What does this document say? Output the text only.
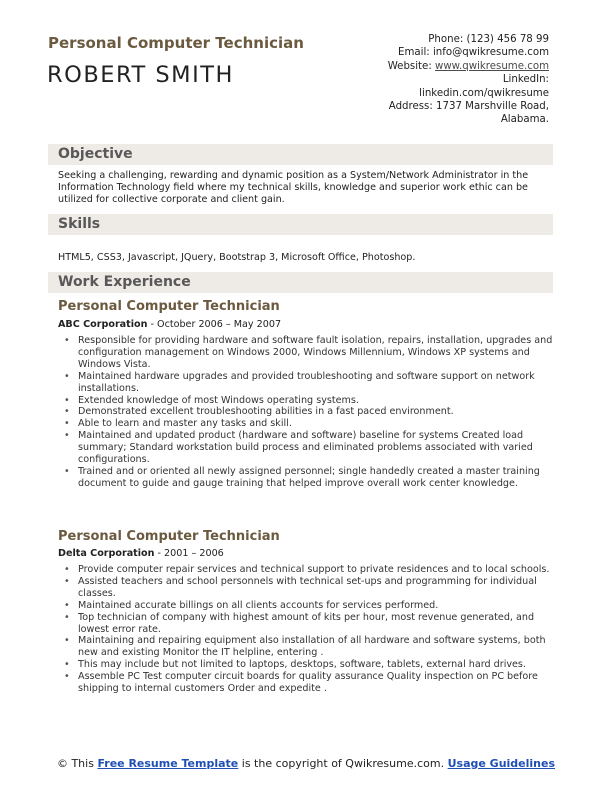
Personal Computer Technician
ROBERT SMITH
Phone: (123) 456 78 99
Email: info@qwikresume.com
Website: www.qwikresume.com
LinkedIn:
linkedin.com/qwikresume
Address: 1737 Marshville Road,
Alabama.
Objective
Seeking a challenging, rewarding and dynamic position as a System/Network Administrator in the Information Technology field where my technical skills, knowledge and superior work ethic can be utilized for collective corporate and client gain.
Skills
HTML5, CSS3, Javascript, JQuery, Bootstrap 3, Microsoft Office, Photoshop.
Work Experience
Personal Computer Technician
ABC Corporation - October 2006 – May 2007
• Responsible for providing hardware and software fault isolation, repairs, installation, upgrades and configuration management on Windows 2000, Windows Millennium, Windows XP systems and Windows Vista.
• Maintained hardware upgrades and provided troubleshooting and software support on network installations.
• Extended knowledge of most Windows operating systems.
• Demonstrated excellent troubleshooting abilities in a fast paced environment.
• Able to learn and master any tasks and skill.
• Maintained and updated product (hardware and software) baseline for systems Created load summary; Standard workstation build process and eliminated problems associated with varied configurations.
• Trained and or oriented all newly assigned personnel; single handedly created a master training document to guide and gauge training that helped improve overall work center knowledge.
Personal Computer Technician
Delta Corporation - 2001 – 2006
• Provide computer repair services and technical support to private residences and to local schools.
• Assisted teachers and school personnels with technical set-ups and programming for individual classes.
• Maintained accurate billings on all clients accounts for services performed.
• Top technician of company with highest amount of kits per hour, most revenue generated, and lowest error rate.
• Maintaining and repairing equipment also installation of all hardware and software systems, both new and existing Monitor the IT helpline, entering .
• This may include but not limited to laptops, desktops, software, tablets, external hard drives.
• Assemble PC Test computer circuit boards for quality assurance Quality inspection on PC before shipping to internal customers Order and expedite .
© This Free Resume Template is the copyright of Qwikresume.com. Usage Guidelines
